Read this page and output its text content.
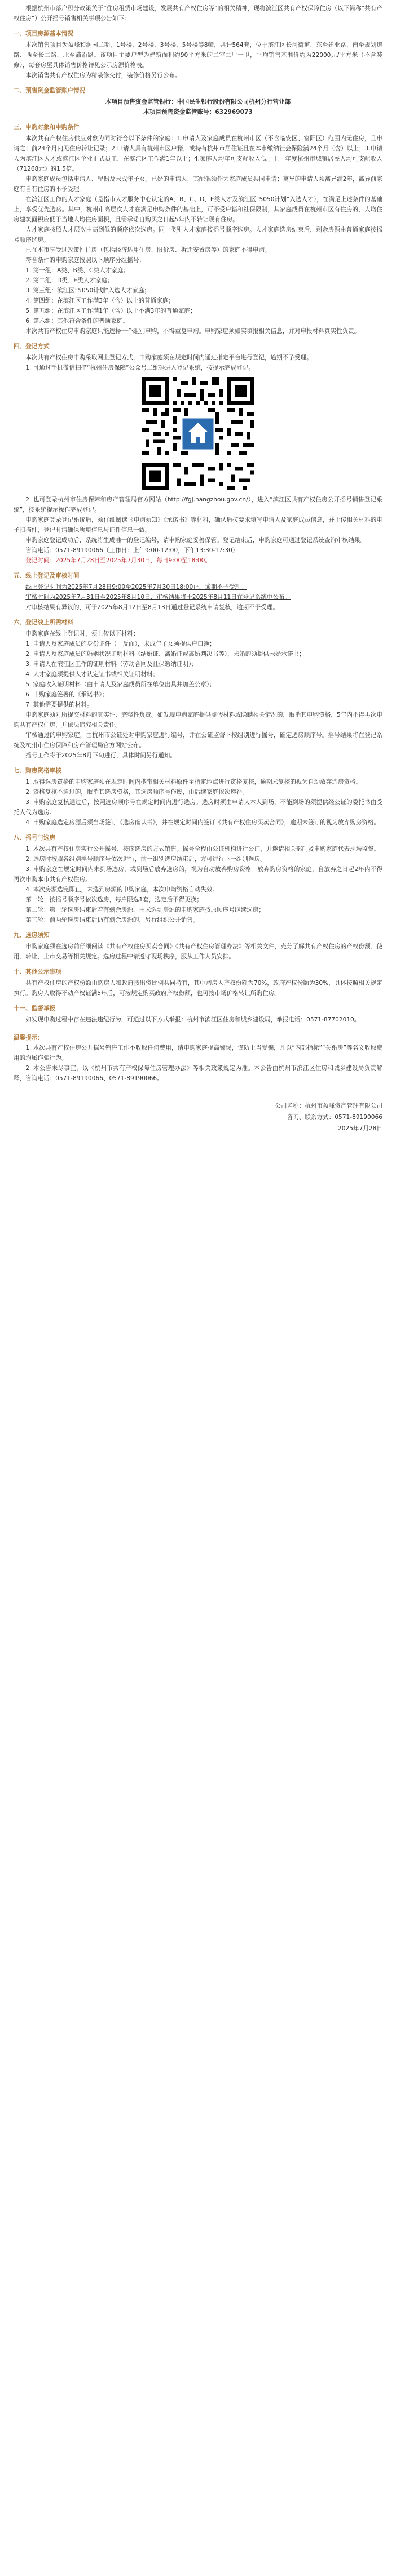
根据杭州市落户积分政策关于“住房租赁市场建设，发展共有产权住房等”的相关精神，现将滨江区共有产权保障住房（以下简称“共有产权住房”）公开摇号销售相关事项公告如下：

一、项目房源基本情况

本次销售项目为盈峰和润园二期，1号楼、2号楼、3号楼、5号楼等8幢，共计564套，位于滨江区长河街道，东至建业路、南至规划道路、西至长二路、北至浦沿路。该项目主要户型为建筑面积约90平方米的二室二厅一卫，平均销售基准价约为22000元/平方米（不含装修），每套房屋具体销售价格详见公示房源价格表。

本次销售共有产权住房为精装修交付，装修价格另行公布。

二、预售资金监管账户情况

本项目预售资金监管银行：中国民生银行股份有限公司杭州分行营业部

本项目预售资金监管账号：632969073

三、申购对象和申购条件

本次共有产权住房供应对象为同时符合以下条件的家庭：1.申请人及家庭成员在杭州市区（不含临安区、富阳区）范围内无住房，且申请之日前24个月内无住房转让记录；2.申请人具有杭州市区户籍，或持有杭州市居住证且在本市缴纳社会保险满24个月（含）以上；3.申请人为滨江区人才或滨江区企业正式员工，在滨江区工作满1年以上；4.家庭人均年可支配收入低于上一年度杭州市城镇居民人均可支配收入（71268元）的1.5倍。

申购家庭成员包括申请人、配偶及未成年子女。已婚的申请人，其配偶须作为家庭成员共同申请；离异的申请人须离异满2年，离异前家庭有自有住房的不予受理。

在滨江区工作的人才家庭（是指市人才服务中心认定的A、B、C、D、E类人才及滨江区“5050计划”入选人才），在满足上述条件的基础上，享受优先选房。其中，杭州市高层次人才在满足申购条件的基础上，可不受户籍和社保限制，其家庭成员在杭州市区有住房的，人均住房建筑面积应低于当地人均住房面积，且需承诺自购买之日起5年内不转让现有住房。

人才家庭按照人才层次由高到低的顺序依次选房。同一类别人才家庭按摇号顺序选房。人才家庭选房结束后，剩余房源由普通家庭按摇号顺序选房。

已在本市享受过政策性住房（包括经济适用住房、限价房、拆迁安置房等）的家庭不得申购。

符合条件的申购家庭按照以下顺序分组摇号：

1. 第一组：A类、B类、C类人才家庭；

2. 第二组：D类、E类人才家庭；

3. 第三组：滨江区“5050计划”入选人才家庭；

4. 第四组：在滨江区工作满3年（含）以上的普通家庭；

5. 第五组：在滨江区工作满1年（含）以上不满3年的普通家庭；

6. 第六组：其他符合条件的普通家庭。

本次共有产权住房申购家庭只能选择一个组别申购，不得重复申购。申购家庭须如实填报相关信息，并对申报材料真实性负责。

四、登记方式

本次共有产权住房申购采取网上登记方式，申购家庭须在规定时间内通过指定平台进行登记，逾期不予受理。

1. 可通过手机微信扫描“杭州住房保障”公众号二维码进入登记系统，按提示完成登记。

2. 也可登录杭州市住房保障和房产管理局官方网站（http://fgj.hangzhou.gov.cn/），进入“滨江区共有产权住房公开摇号销售登记系统”，按系统提示操作完成登记。

申购家庭登录登记系统后，须仔细阅读《申购须知》《承诺书》等材料，确认后按要求填写申请人及家庭成员信息，并上传相关材料的电子扫描件，登记时请确保所填信息与证件信息一致。

申购家庭登记成功后，系统将生成唯一的登记编号，请申购家庭妥善保管。登记结束后，申购家庭可通过登记系统查询审核结果。

咨询电话：0571-89190066（工作日：上午9:00-12:00，下午13:30-17:30）

登记时间：2025年7月28日至2025年7月30日，每日9:00至18:00。

五、线上登记及审核时间

线上登记时间为2025年7月28日9:00至2025年7月30日18:00止，逾期不予受理。

审核时间为2025年7月31日至2025年8月10日，审核结果将于2025年8月11日在登记系统中公布。

对审核结果有异议的，可于2025年8月12日至8月13日通过登记系统申请复核，逾期不予受理。

六、登记线上所需材料

申购家庭在线上登记时，须上传以下材料：

1. 申请人及家庭成员的身份证件（正反面），未成年子女须提供户口簿；

2. 申请人及家庭成员的婚姻状况证明材料（结婚证、离婚证或离婚判决书等），未婚的须提供未婚承诺书；

3. 申请人在滨江区工作的证明材料（劳动合同及社保缴纳证明）；

4. 人才家庭须提供人才认定证书或相关证明材料；

5. 家庭收入证明材料（由申请人及家庭成员所在单位出具并加盖公章）；

6. 申购家庭签署的《承诺书》；

7. 其他需要提供的材料。

申购家庭须对所提交材料的真实性、完整性负责。如发现申购家庭提供虚假材料或隐瞒相关情况的，取消其申购资格，5年内不得再次申购共有产权住房，并依法追究相关责任。

审核通过的申购家庭，由杭州市公证处对申购家庭进行编号，并在公证监督下按组别进行摇号，确定选房顺序号。摇号结果将在登记系统及杭州市住房保障和房产管理局官方网站公布。

摇号工作将于2025年8月下旬进行，具体时间另行通知。

七、购房资格审核

1. 取得选房资格的申购家庭须在规定时间内携带相关材料原件至指定地点进行资格复核，逾期未复核的视为自动放弃选房资格。

2. 资格复核不通过的，取消其选房资格，其选房顺序号作废，由后续家庭依次递补。

3. 申购家庭复核通过后，按照选房顺序号在规定时间内进行选房。选房时须由申请人本人到场，不能到场的须提供经公证的委托书由受托人代为选房。

4. 申购家庭选定房源后须当场签订《选房确认书》，并在规定时间内签订《共有产权住房买卖合同》，逾期未签订的视为放弃购房资格。

八、摇号与选房

1. 本次共有产权住房实行公开摇号、按序选房的方式销售。摇号全程由公证机构进行公证，并邀请相关部门及申购家庭代表现场监督。

2. 选房时按照各组别摇号顺序号依次进行，前一组别选房结束后，方可进行下一组别选房。

3. 申购家庭在规定时间内未到场选房，或到场后放弃选房的，视为自动放弃购房资格。放弃购房资格的家庭，自放弃之日起2年内不得再次申购本市共有产权住房。

4. 本次房源选完即止，未选到房源的申购家庭，本次申购资格自动失效。

第一轮：按摇号顺序号依次选房，每户限选1套，选定后不得更换；

第二轮：第一轮选房结束后若有剩余房源，由未选到房源的申购家庭按原顺序号继续选房；

第三轮：前两轮选房结束后仍有剩余房源的，另行组织公开销售。

九、选房须知

申购家庭须在选房前仔细阅读《共有产权住房买卖合同》《共有产权住房管理办法》等相关文件，充分了解共有产权住房的产权份额、使用、转让、上市交易等相关规定。选房过程中请遵守现场秩序，服从工作人员安排。

十、其他公示事项

共有产权住房的产权份额由购房人和政府按出资比例共同持有，其中购房人产权份额为70%，政府产权份额为30%，具体按照相关规定执行。购房人取得不动产权证满5年后，可按规定购买政府产权份额，也可按市场价格转让所购住房。

十一、监督举报

如发现申购过程中存在违法违纪行为，可通过以下方式举报：杭州市滨江区住房和城乡建设局，举报电话：0571-87702010。

温馨提示：

1. 本次共有产权住房公开摇号销售工作不收取任何费用，请申购家庭提高警惕，谨防上当受骗，凡以“内部指标”“关系房”等名义收取费用的均属诈骗行为。

2. 本公告未尽事宜，以《杭州市共有产权保障住房管理办法》等相关政策规定为准。本公告由杭州市滨江区住房和城乡建设局负责解释，咨询电话：0571-89190066、0571-89190066。

公司名称：杭州市盈峰资产管理有限公司
咨询、联系方式：0571-89190066
2025年7月28日
